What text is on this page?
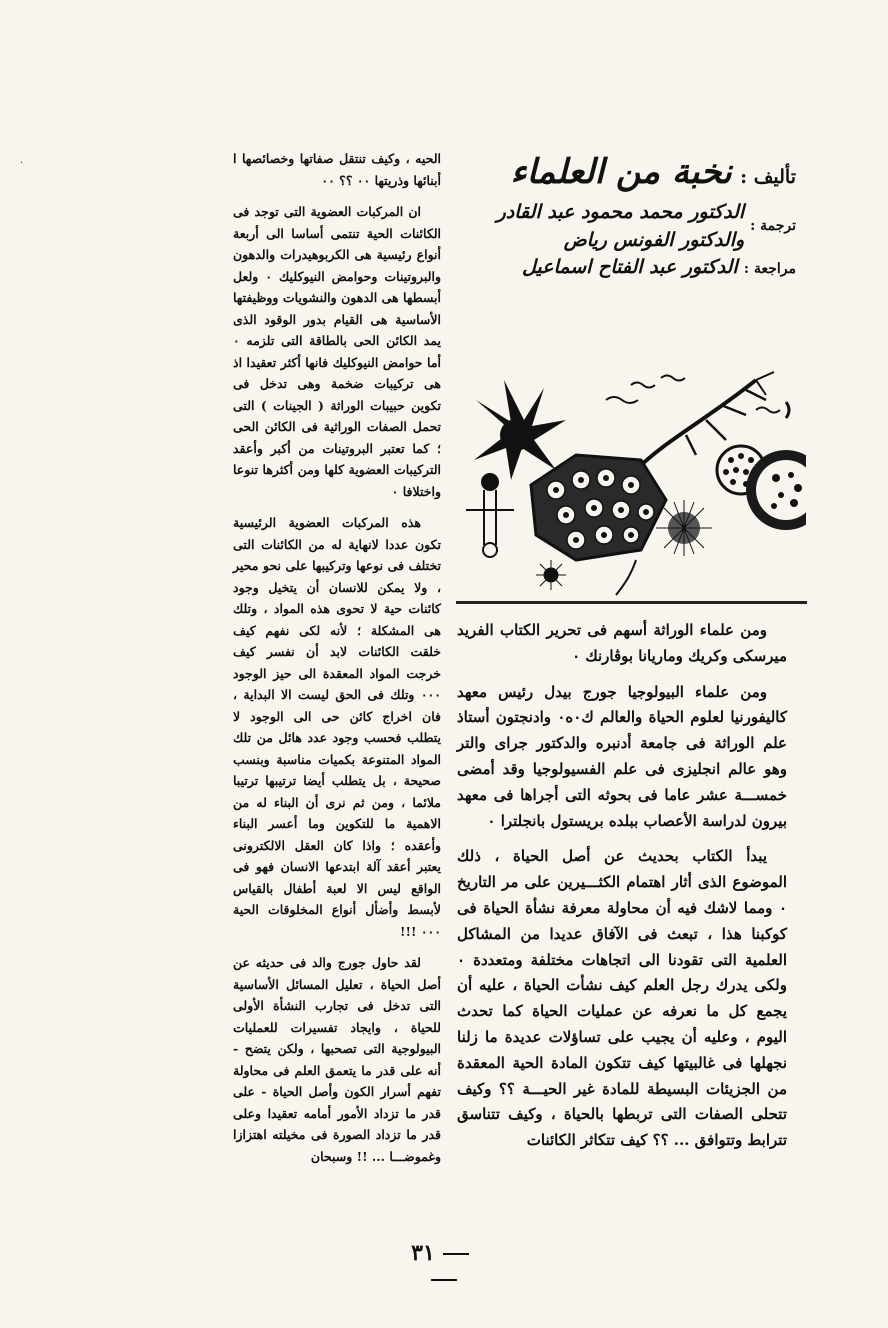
تأليف : نخبة من العلماء
ترجمة :
الدكتور محمد محمود عبد القادر
والدكتور الفونس رياض
مراجعة : الدكتور عبد الفتاح اسماعيل

الحيه ، وكيف تنتقل صفاتها وخصائصها ا أبنائها وذريتها ٠٠ ؟؟ ٠٠

ان المركبات العضوية التى توجد فى الكائنات الحية تنتمى أساسا الى أربعة أنواع رئيسية هى الكربوهيدرات والدهون والبروتينات وحوامض النيوكليك ٠ ولعل أبسطها هى الدهون والنشويات ووظيفتها الأساسية هى القيام بدور الوقود الذى يمد الكائن الحى بالطاقة التى تلزمه ٠ أما حوامض النيوكليك فانها أكثر تعقيدا اذ هى تركيبات ضخمة وهى تدخل فى تكوين حبيبات الوراثة ( الجينات ) التى تحمل الصفات الوراثية فى الكائن الحى ؛ كما تعتبر البروتينات من أكبر وأعقد التركيبات العضوية كلها ومن أكثرها تنوعا واختلافا ٠

هذه المركبات العضوية الرئيسية تكون عددا لانهاية له من الكائنات التى تختلف فى نوعها وتركيبها على نحو محير ، ولا يمكن للانسان أن يتخيل وجود كائنات حية لا تحوى هذه المواد ، وتلك هى المشكلة ؛ لأنه لكى نفهم كيف خلقت الكائنات لابد أن نفسر كيف خرجت المواد المعقدة الى حيز الوجود ٠٠٠ وتلك فى الحق ليست الا البداية ، فان اخراج كائن حى الى الوجود لا يتطلب فحسب وجود عدد هائل من تلك المواد المتنوعة بكميات مناسبة وبنسب صحيحة ، بل يتطلب أيضا ترتيبها ترتيبا ملائما ، ومن ثم نرى أن البناء له من الاهمية ما للتكوين وما أعسر البناء وأعقده ؛ واذا كان العقل الالكترونى يعتبر أعقد آلة ابتدعها الانسان فهو فى الواقع ليس الا لعبة أطفال بالقياس لأبسط وأضأل أنواع المخلوقات الحية ٠٠٠ !!!

لقد حاول جورج والد فى حديثه عن أصل الحياة ، تعليل المسائل الأساسية التى تدخل فى تجارب النشأة الأولى للحياة ، وايجاد تفسيرات للعمليات البيولوجية التى تصحبها ، ولكن يتضح - أنه على قدر ما يتعمق العلم فى محاولة تفهم أسرار الكون وأصل الحياة - على قدر ما تزداد الأمور أمامه تعقيدا وعلى قدر ما تزداد الصورة فى مخيلته اهتزازا وغموضـــا ... !! وسبحان

ومن علماء الوراثة أسهم فى تحرير الكتاب الفريد ميرسكى وكريك وماريانا بوڤارنك ٠

ومن علماء البيولوجيا جورج بيدل رئيس معهد كاليفورنيا لعلوم الحياة والعالم ك٠ه٠ وادنجتون أستاذ علم الوراثة فى جامعة أدنبره والدكتور جراى والتر وهو عالم انجليزى فى علم الفسيولوجيا وقد أمضى خمســـة عشر عاما فى بحوثه التى أجراها فى معهد بيرون لدراسة الأعصاب ببلده بريستول بانجلترا ٠

يبدأ الكتاب بحديث عن أصل الحياة ، ذلك الموضوع الذى أثار اهتمام الكثـــيرين على مر التاريخ ٠ ومما لاشك فيه أن محاولة معرفة نشأة الحياة فى كوكبنا هذا ، تبعث فى الآفاق عديدا من المشاكل العلمية التى تقودنا الى اتجاهات مختلفة ومتعددة ٠ ولكى يدرك رجل العلم كيف نشأت الحياة ، عليه أن يجمع كل ما نعرفه عن عمليات الحياة كما تحدث اليوم ، وعليه أن يجيب على تساؤلات عديدة ما زلنا نجهلها فى غالبيتها كيف تتكون المادة الحية المعقدة من الجزيئات البسيطة للمادة غير الحيـــة ؟؟ وكيف تتحلى الصفات التى تربطها بالحياة ، وكيف تتناسق تترابط وتتوافق ... ؟؟ كيف تتكاثر الكائنات

٣١
·
